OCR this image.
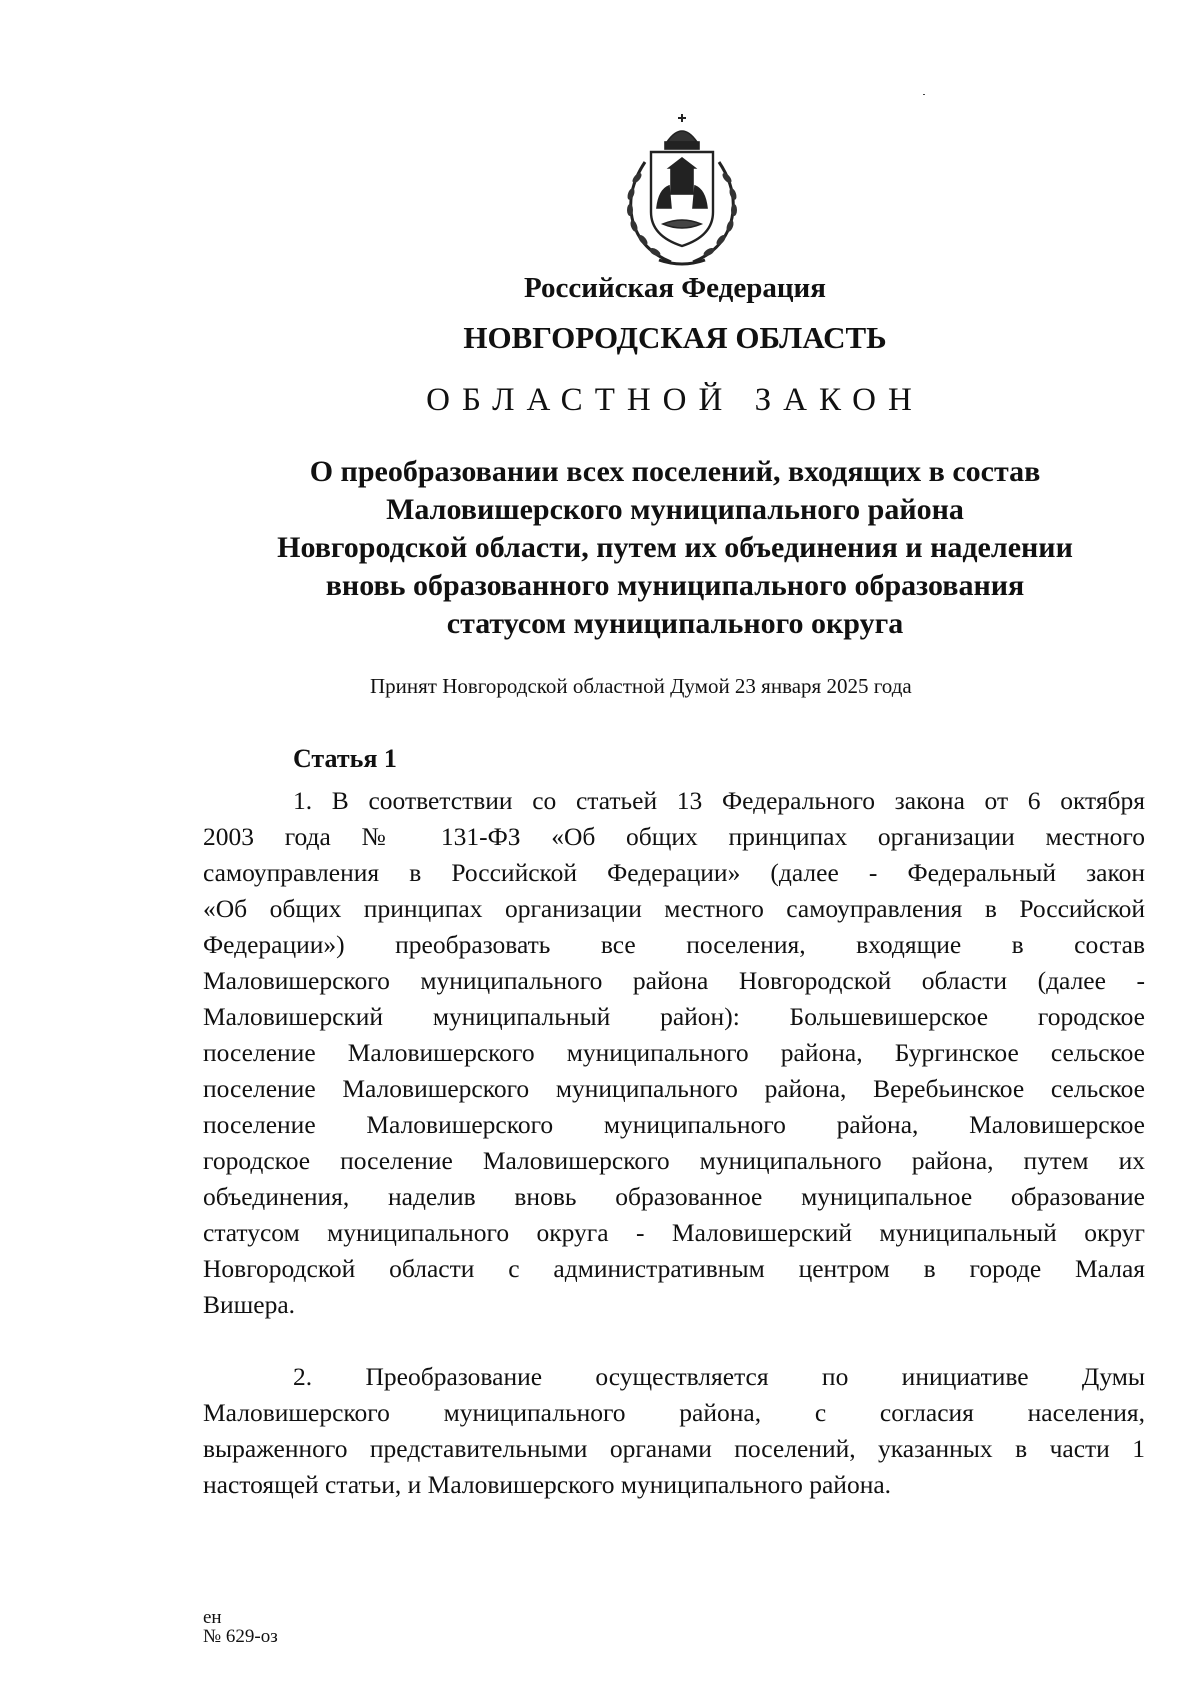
Российская Федерация
НОВГОРОДСКАЯ ОБЛАСТЬ
ОБЛАСТНОЙ ЗАКОН
О преобразовании всех поселений, входящих в состав
Маловишерского муниципального района
Новгородской области, путем их объединения и наделении
вновь образованного муниципального образования
статусом муниципального округа
Принят Новгородской областной Думой 23 января 2025 года
Статья 1
1. В соответствии со статьей 13 Федерального закона от 6 октября
2003 года № 131-ФЗ «Об общих принципах организации местного
самоуправления в Российской Федерации» (далее - Федеральный закон
«Об общих принципах организации местного самоуправления в Российской
Федерации») преобразовать все поселения, входящие в состав
Маловишерского муниципального района Новгородской области (далее -
Маловишерский муниципальный район): Большевишерское городское
поселение Маловишерского муниципального района, Бургинское сельское
поселение Маловишерского муниципального района, Веребьинское сельское
поселение Маловишерского муниципального района, Маловишерское
городское поселение Маловишерского муниципального района, путем их
объединения, наделив вновь образованное муниципальное образование
статусом муниципального округа - Маловишерский муниципальный округ
Новгородской области с административным центром в городе Малая
Вишера.
2. Преобразование осуществляется по инициативе Думы
Маловишерского муниципального района, с согласия населения,
выраженного представительными органами поселений, указанных в части 1
настоящей статьи, и Маловишерского муниципального района.
ен
№ 629-оз
